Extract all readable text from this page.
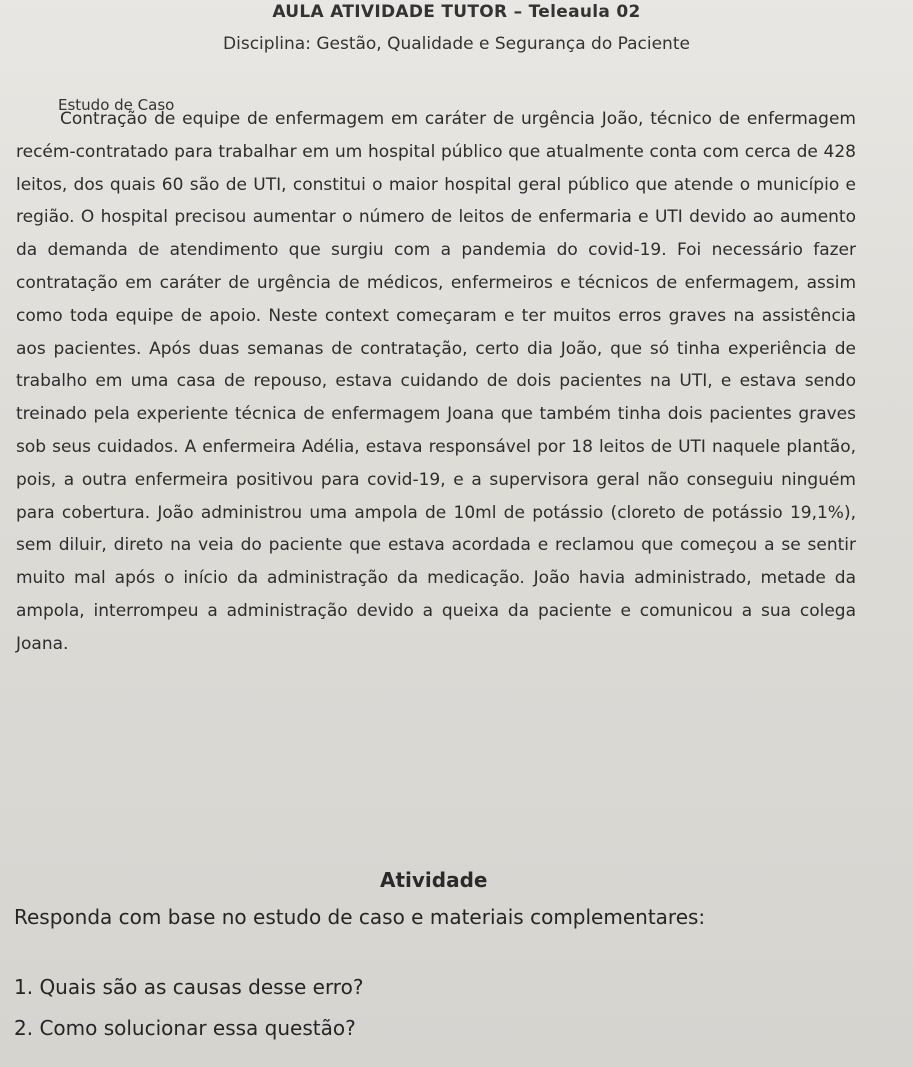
AULA ATIVIDADE TUTOR – Teleaula 02
Disciplina: Gestão, Qualidade e Segurança do Paciente
Estudo de Caso

Contração de equipe de enfermagem em caráter de urgência João, técnico de enfermagem recém-contratado para trabalhar em um hospital público que atualmente conta com cerca de 428 leitos, dos quais 60 são de UTI, constitui o maior hospital geral público que atende o município e região. O hospital precisou aumentar o número de leitos de enfermaria e UTI devido ao aumento da demanda de atendimento que surgiu com a pandemia do covid-19. Foi necessário fazer contratação em caráter de urgência de médicos, enfermeiros e técnicos de enfermagem, assim como toda equipe de apoio. Neste context começaram e ter muitos erros graves na assistência aos pacientes. Após duas semanas de contratação, certo dia João, que só tinha experiência de trabalho em uma casa de repouso, estava cuidando de dois pacientes na UTI, e estava sendo treinado pela experiente técnica de enfermagem Joana que também tinha dois pacientes graves sob seus cuidados. A enfermeira Adélia, estava responsável por 18 leitos de UTI naquele plantão, pois, a outra enfermeira positivou para covid-19, e a supervisora geral não conseguiu ninguém para cobertura. João administrou uma ampola de 10ml de potássio (cloreto de potássio 19,1%), sem diluir, direto na veia do paciente que estava acordada e reclamou que começou a se sentir muito mal após o início da administração da medicação. João havia administrado, metade da ampola, interrompeu a administração devido a queixa da paciente e comunicou a sua colega Joana.

Atividade
Responda com base no estudo de caso e materiais complementares:
1. Quais são as causas desse erro?
2. Como solucionar essa questão?
